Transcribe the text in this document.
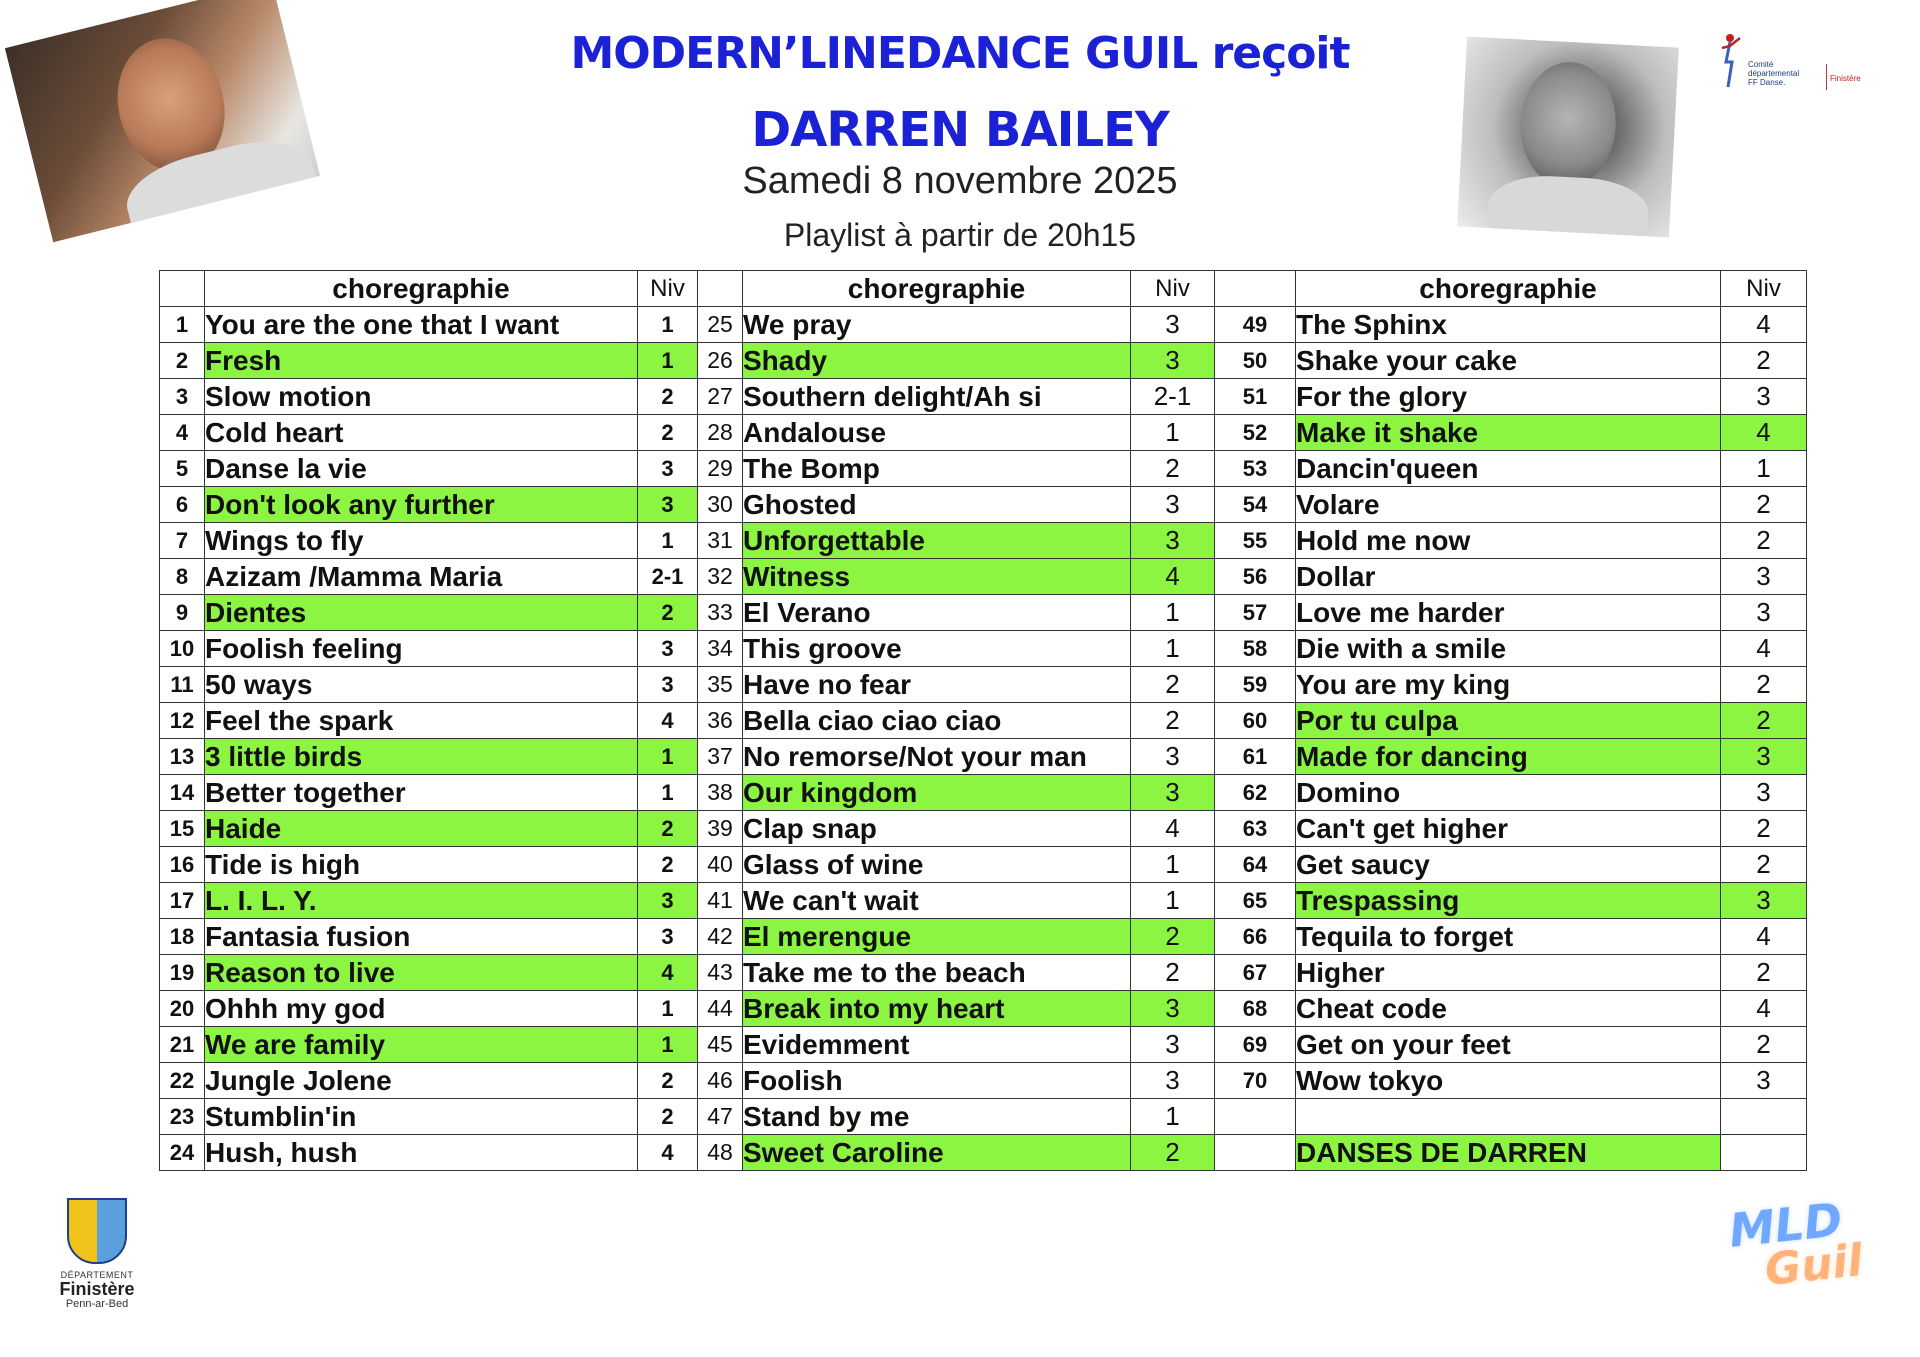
Comité
départemental
FF Danse.	Finistère
MODERN’LINEDANCE GUIL reçoit
DARREN BAILEY
Samedi 8 novembre 2025
Playlist à partir de 20h15
	choregraphie	Niv		choregraphie	Niv		choregraphie	Niv
1	You are the one that I want	1	25	We pray	3	49	The Sphinx	4
2	Fresh	1	26	Shady	3	50	Shake your cake	2
3	Slow motion	2	27	Southern delight/Ah si	2-1	51	For the glory	3
4	Cold heart	2	28	Andalouse	1	52	Make it shake	4
5	Danse la vie	3	29	The Bomp	2	53	Dancin'queen	1
6	Don't look any further	3	30	Ghosted	3	54	Volare	2
7	Wings to fly	1	31	Unforgettable	3	55	Hold me now	2
8	Azizam /Mamma Maria	2-1	32	Witness	4	56	Dollar	3
9	Dientes	2	33	El Verano	1	57	Love me harder	3
10	Foolish feeling	3	34	This groove	1	58	Die with a smile	4
11	50 ways	3	35	Have no fear	2	59	You are my king	2
12	Feel the spark	4	36	Bella ciao ciao ciao	2	60	Por tu culpa	2
13	3 little birds	1	37	No remorse/Not your man	3	61	Made for dancing	3
14	Better together	1	38	Our kingdom	3	62	Domino	3
15	Haide	2	39	Clap snap	4	63	Can't get higher	2
16	Tide is high	2	40	Glass of wine	1	64	Get saucy	2
17	L. I. L. Y.	3	41	We can't wait	1	65	Trespassing	3
18	Fantasia fusion	3	42	El merengue	2	66	Tequila to forget	4
19	Reason to live	4	43	Take me to the beach	2	67	Higher	2
20	Ohhh my god	1	44	Break into my heart	3	68	Cheat code	4
21	We are family	1	45	Evidemment	3	69	Get on your feet	2
22	Jungle Jolene	2	46	Foolish	3	70	Wow tokyo	3
23	Stumblin'in	2	47	Stand by me	1			
24	Hush, hush	4	48	Sweet Caroline	2		DANSES DE DARREN	
DÉPARTEMENT
Finistère
Penn-ar-Bed
MLD
Guil
